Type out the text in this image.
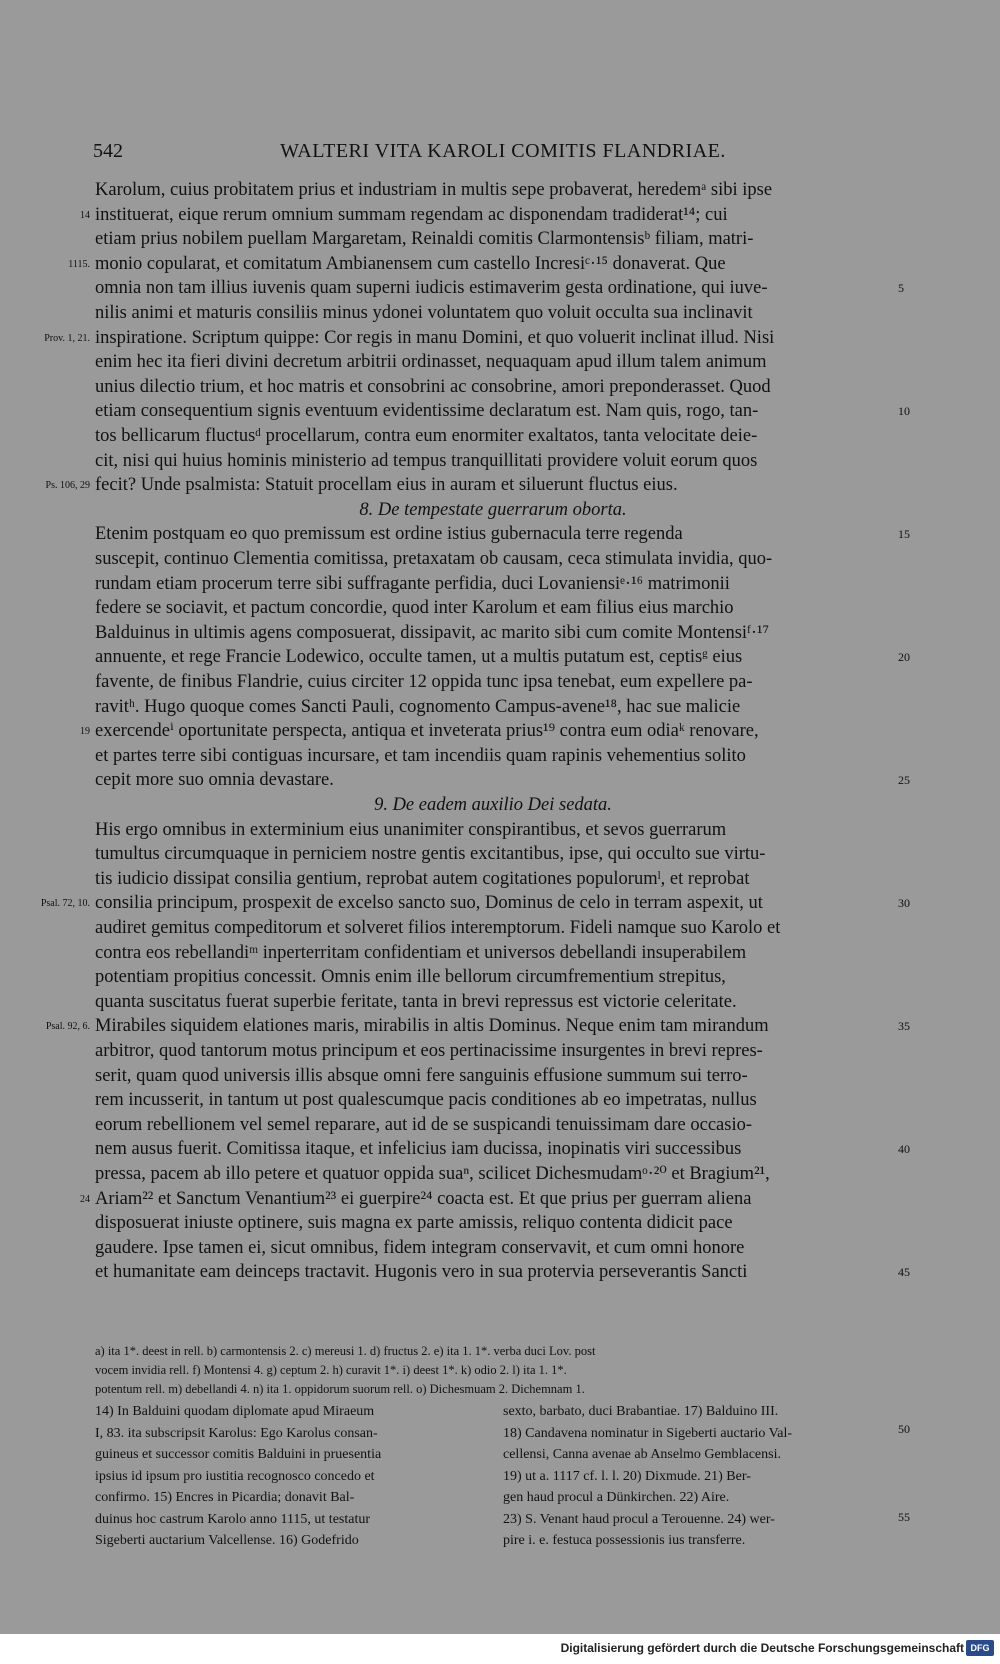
542	WALTERI VITA KAROLI COMITIS FLANDRIAE.
Karolum, cuius probitatem prius et industriam in multis sepe probaverat, heredemᵃ sibi ipse
instituerat, eique rerum omnium summam regendam ac disponendam tradiderat¹⁴; cui
14
etiam prius nobilem puellam Margaretam, Reinaldi comitis Clarmontensisᵇ filiam, matri-
monio copularat, et comitatum Ambianensem cum castello Incresiᶜ·¹⁵ donaverat. Que
1115.
omnia non tam illius iuvenis quam superni iudicis estimaverim gesta ordinatione, qui iuve-	5
nilis animi et maturis consiliis minus ydonei voluntatem quo voluit occulta sua inclinavit
inspiratione. Scriptum quippe: Cor regis in manu Domini, et quo voluerit inclinat illud. Nisi
Prov. 1, 21.
enim hec ita fieri divini decretum arbitrii ordinasset, nequaquam apud illum talem animum
unius dilectio trium, et hoc matris et consobrini ac consobrine, amori preponderasset. Quod
etiam consequentium signis eventuum evidentissime declaratum est. Nam quis, rogo, tan-	10
tos bellicarum fluctusᵈ procellarum, contra eum enormiter exaltatos, tanta velocitate deie-
cit, nisi qui huius hominis ministerio ad tempus tranquillitati providere voluit eorum quos
fecit? Unde psalmista: Statuit procellam eius in auram et siluerunt fluctus eius.
Ps. 106, 29
8. De tempestate guerrarum oborta.
Etenim postquam eo quo premissum est ordine istius gubernacula terre regenda	15
suscepit, continuo Clementia comitissa, pretaxatam ob causam, ceca stimulata invidia, quo-
rundam etiam procerum terre sibi suffragante perfidia, duci Lovaniensiᵉ·¹⁶ matrimonii
federe se sociavit, et pactum concordie, quod inter Karolum et eam filius eius marchio
Balduinus in ultimis agens composuerat, dissipavit, ac marito sibi cum comite Montensiᶠ·¹⁷
annuente, et rege Francie Lodewico, occulte tamen, ut a multis putatum est, ceptisᵍ eius	20
favente, de finibus Flandrie, cuius circiter 12 oppida tunc ipsa tenebat, eum expellere pa-
ravitʰ. Hugo quoque comes Sancti Pauli, cognomento Campus-avene¹⁸, hac sue malicie
exercendeⁱ oportunitate perspecta, antiqua et inveterata prius¹⁹ contra eum odiaᵏ renovare,
19
et partes terre sibi contiguas incursare, et tam incendiis quam rapinis vehementius solito
cepit more suo omnia devastare.	25
9. De eadem auxilio Dei sedata.
His ergo omnibus in exterminium eius unanimiter conspirantibus, et sevos guerrarum
tumultus circumquaque in perniciem nostre gentis excitantibus, ipse, qui occulto sue virtu-
tis iudicio dissipat consilia gentium, reprobat autem cogitationes populorumˡ, et reprobat
consilia principum, prospexit de excelso sancto suo, Dominus de celo in terram aspexit, ut
Psal. 72, 10.	30
audiret gemitus compeditorum et solveret filios interemptorum. Fideli namque suo Karolo et
contra eos rebellandiᵐ inperterritam confidentiam et universos debellandi insuperabilem
potentiam propitius concessit. Omnis enim ille bellorum circumfrementium strepitus,
quanta suscitatus fuerat superbie feritate, tanta in brevi repressus est victorie celeritate.
Mirabiles siquidem elationes maris, mirabilis in altis Dominus. Neque enim tam mirandum
Psal. 92, 6.	35
arbitror, quod tantorum motus principum et eos pertinacissime insurgentes in brevi repres-
serit, quam quod universis illis absque omni fere sanguinis effusione summum sui terro-
rem incusserit, in tantum ut post qualescumque pacis conditiones ab eo impetratas, nullus
eorum rebellionem vel semel reparare, aut id de se suspicandi tenuissimam dare occasio-
nem ausus fuerit. Comitissa itaque, et infelicius iam ducissa, inopinatis viri successibus	40
pressa, pacem ab illo petere et quatuor oppida suaⁿ, scilicet Dichesmudamᵒ·²⁰ et Bragium²¹,
Ariam²² et Sanctum Venantium²³ ei guerpire²⁴ coacta est. Et que prius per guerram aliena
24
disposuerat iniuste optinere, suis magna ex parte amissis, reliquo contenta didicit pace
gaudere. Ipse tamen ei, sicut omnibus, fidem integram conservavit, et cum omni honore
et humanitate eam deinceps tractavit. Hugonis vero in sua protervia perseverantis Sancti	45
a) ita 1*. deest in rell. b) carmontensis 2. c) mereusi 1. d) fructus 2. e) ita 1. 1*. verba duci Lov. post
vocem invidia rell. f) Montensi 4. g) ceptum 2. h) curavit 1*. i) deest 1*. k) odio 2. l) ita 1. 1*.
potentum rell. m) debellandi 4. n) ita 1. oppidorum suorum rell. o) Dichesmuam 2. Dichemnam 1.
14) In Balduini quodam diplomate apud Miraeum
I, 83. ita subscripsit Karolus: Ego Karolus consan-
guineus et successor comitis Balduini in pruesentia
ipsius id ipsum pro iustitia recognosco concedo et
confirmo. 15) Encres in Picardia; donavit Bal-
duinus hoc castrum Karolo anno 1115, ut testatur
Sigeberti auctarium Valcellense. 16) Godefrido
sexto, barbato, duci Brabantiae. 17) Balduino III.
18) Candavena nominatur in Sigeberti auctario Val-
cellensi, Canna avenae ab Anselmo Gemblacensi.
19) ut a. 1117 cf. l. l. 20) Dixmude. 21) Ber-
gen haud procul a Dünkirchen. 22) Aire.
23) S. Venant haud procul a Terouenne. 24) wer-
pire i. e. festuca possessionis ius transferre.
50
55
Digitalisierung gefördert durch die Deutsche Forschungsgemeinschaft DFG
